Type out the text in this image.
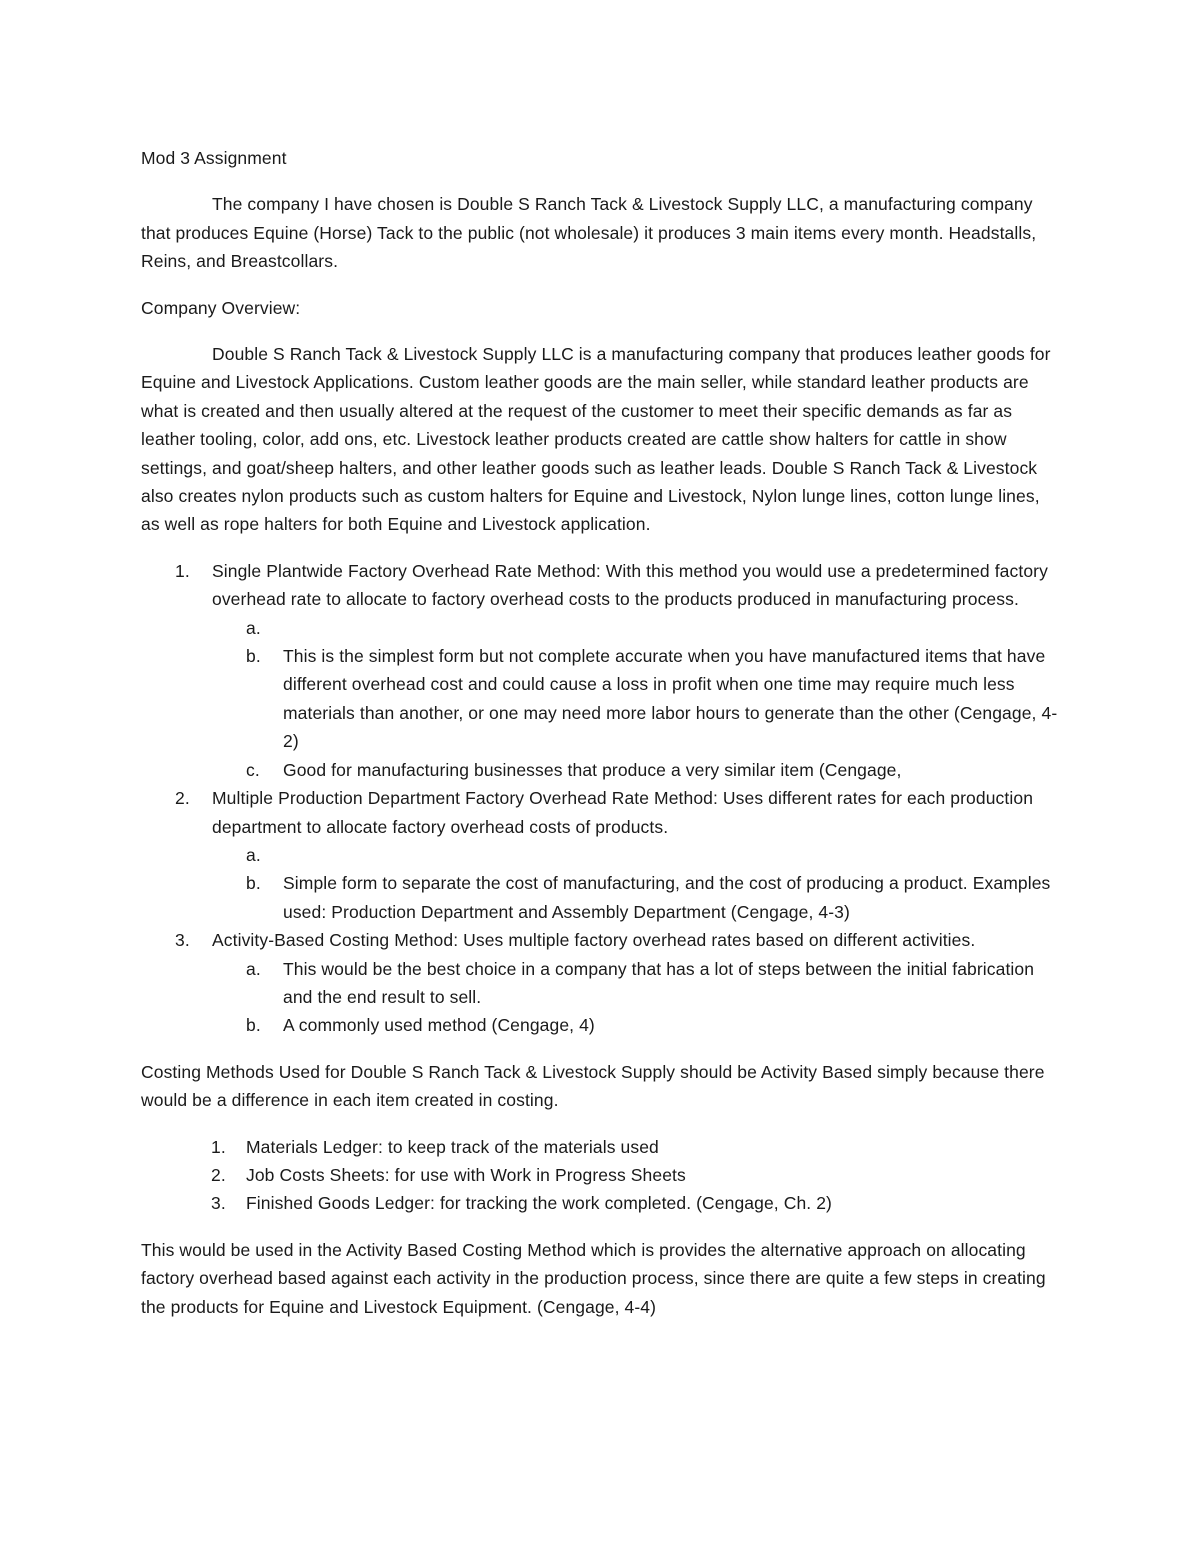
Mod 3 Assignment

The company I have chosen is Double S Ranch Tack & Livestock Supply LLC, a manufacturing company that produces Equine (Horse) Tack to the public (not wholesale) it produces 3 main items every month. Headstalls, Reins, and Breastcollars.

Company Overview:

Double S Ranch Tack & Livestock Supply LLC is a manufacturing company that produces leather goods for Equine and Livestock Applications. Custom leather goods are the main seller, while standard leather products are what is created and then usually altered at the request of the customer to meet their specific demands as far as leather tooling, color, add ons, etc. Livestock leather products created are cattle show halters for cattle in show settings, and goat/sheep halters, and other leather goods such as leather leads. Double S Ranch Tack & Livestock also creates nylon products such as custom halters for Equine and Livestock, Nylon lunge lines, cotton lunge lines, as well as rope halters for both Equine and Livestock application.

1. Single Plantwide Factory Overhead Rate Method: With this method you would use a predetermined factory overhead rate to allocate to factory overhead costs to the products produced in manufacturing process.
a.
b. This is the simplest form but not complete accurate when you have manufactured items that have different overhead cost and could cause a loss in profit when one time may require much less materials than another, or one may need more labor hours to generate than the other (Cengage, 4-2)
c. Good for manufacturing businesses that produce a very similar item (Cengage,
2. Multiple Production Department Factory Overhead Rate Method: Uses different rates for each production department to allocate factory overhead costs of products.
a.
b. Simple form to separate the cost of manufacturing, and the cost of producing a product. Examples used: Production Department and Assembly Department (Cengage, 4-3)
3. Activity-Based Costing Method: Uses multiple factory overhead rates based on different activities.
a. This would be the best choice in a company that has a lot of steps between the initial fabrication and the end result to sell.
b. A commonly used method (Cengage, 4)

Costing Methods Used for Double S Ranch Tack & Livestock Supply should be Activity Based simply because there would be a difference in each item created in costing.

1. Materials Ledger: to keep track of the materials used
2. Job Costs Sheets: for use with Work in Progress Sheets
3. Finished Goods Ledger: for tracking the work completed. (Cengage, Ch. 2)

This would be used in the Activity Based Costing Method which is provides the alternative approach on allocating factory overhead based against each activity in the production process, since there are quite a few steps in creating the products for Equine and Livestock Equipment. (Cengage, 4-4)
